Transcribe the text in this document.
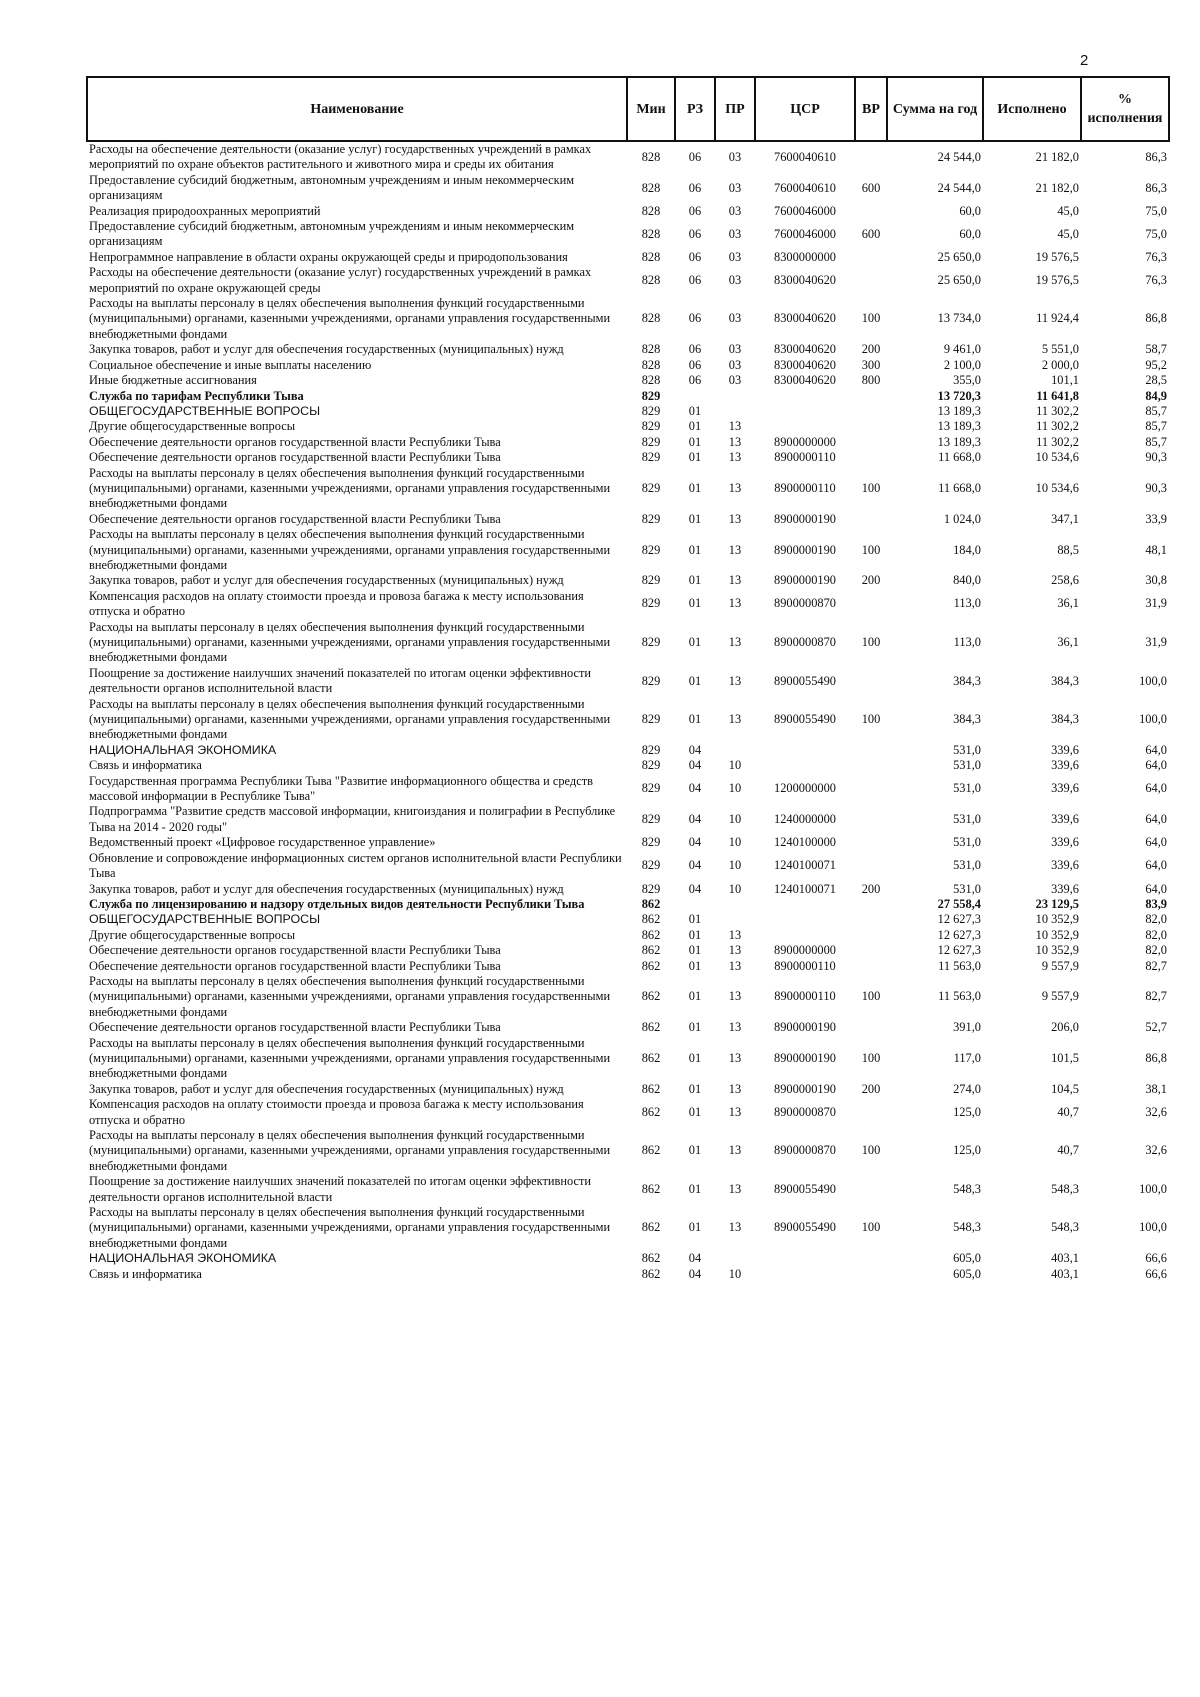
2
Наименование	Мин	РЗ	ПР	ЦСР	ВР	Сумма на год	Исполнено	% исполнения
Расходы на обеспечение деятельности (оказание услуг) государственных учреждений в рамках мероприятий по охране объектов растительного и животного мира и среды их обитания	828	06	03	7600040610		24 544,0	21 182,0	86,3
Предоставление субсидий бюджетным, автономным учреждениям и иным некоммерческим организациям	828	06	03	7600040610	600	24 544,0	21 182,0	86,3
Реализация природоохранных мероприятий	828	06	03	7600046000		60,0	45,0	75,0
Предоставление субсидий бюджетным, автономным учреждениям и иным некоммерческим организациям	828	06	03	7600046000	600	60,0	45,0	75,0
Непрограммное направление в области охраны окружающей среды и природопользования	828	06	03	8300000000		25 650,0	19 576,5	76,3
Расходы на обеспечение деятельности (оказание услуг) государственных учреждений в рамках мероприятий по охране окружающей среды	828	06	03	8300040620		25 650,0	19 576,5	76,3
Расходы на выплаты персоналу в целях обеспечения выполнения функций государственными (муниципальными) органами, казенными учреждениями, органами управления государственными внебюджетными фондами	828	06	03	8300040620	100	13 734,0	11 924,4	86,8
Закупка товаров, работ и услуг для обеспечения государственных (муниципальных) нужд	828	06	03	8300040620	200	9 461,0	5 551,0	58,7
Социальное обеспечение и иные выплаты населению	828	06	03	8300040620	300	2 100,0	2 000,0	95,2
Иные бюджетные ассигнования	828	06	03	8300040620	800	355,0	101,1	28,5
Служба по тарифам Республики Тыва	829					13 720,3	11 641,8	84,9
ОБЩЕГОСУДАРСТВЕННЫЕ ВОПРОСЫ	829	01				13 189,3	11 302,2	85,7
Другие общегосударственные вопросы	829	01	13			13 189,3	11 302,2	85,7
Обеспечение деятельности органов государственной власти Республики Тыва	829	01	13	8900000000		13 189,3	11 302,2	85,7
Обеспечение деятельности органов государственной власти Республики Тыва	829	01	13	8900000110		11 668,0	10 534,6	90,3
Расходы на выплаты персоналу в целях обеспечения выполнения функций государственными (муниципальными) органами, казенными учреждениями, органами управления государственными внебюджетными фондами	829	01	13	8900000110	100	11 668,0	10 534,6	90,3
Обеспечение деятельности органов государственной власти Республики Тыва	829	01	13	8900000190		1 024,0	347,1	33,9
Расходы на выплаты персоналу в целях обеспечения выполнения функций государственными (муниципальными) органами, казенными учреждениями, органами управления государственными внебюджетными фондами	829	01	13	8900000190	100	184,0	88,5	48,1
Закупка товаров, работ и услуг для обеспечения государственных (муниципальных) нужд	829	01	13	8900000190	200	840,0	258,6	30,8
Компенсация расходов на оплату стоимости проезда и провоза багажа к месту использования отпуска и обратно	829	01	13	8900000870		113,0	36,1	31,9
Расходы на выплаты персоналу в целях обеспечения выполнения функций государственными (муниципальными) органами, казенными учреждениями, органами управления государственными внебюджетными фондами	829	01	13	8900000870	100	113,0	36,1	31,9
Поощрение за достижение наилучших значений показателей по итогам оценки эффективности деятельности органов исполнительной власти	829	01	13	8900055490		384,3	384,3	100,0
Расходы на выплаты персоналу в целях обеспечения выполнения функций государственными (муниципальными) органами, казенными учреждениями, органами управления государственными внебюджетными фондами	829	01	13	8900055490	100	384,3	384,3	100,0
НАЦИОНАЛЬНАЯ ЭКОНОМИКА	829	04				531,0	339,6	64,0
Связь и информатика	829	04	10			531,0	339,6	64,0
Государственная программа Республики Тыва "Развитие информационного общества и средств массовой информации в Республике Тыва"	829	04	10	1200000000		531,0	339,6	64,0
Подпрограмма "Развитие средств массовой информации, книгоиздания и полиграфии в Республике Тыва на 2014 - 2020 годы"	829	04	10	1240000000		531,0	339,6	64,0
Ведомственный проект «Цифровое государственное управление»	829	04	10	1240100000		531,0	339,6	64,0
Обновление и сопровождение информационных систем органов исполнительной власти Республики Тыва	829	04	10	1240100071		531,0	339,6	64,0
Закупка товаров, работ и услуг для обеспечения государственных (муниципальных) нужд	829	04	10	1240100071	200	531,0	339,6	64,0
Служба по лицензированию и надзору отдельных видов деятельности Республики Тыва	862					27 558,4	23 129,5	83,9
ОБЩЕГОСУДАРСТВЕННЫЕ ВОПРОСЫ	862	01				12 627,3	10 352,9	82,0
Другие общегосударственные вопросы	862	01	13			12 627,3	10 352,9	82,0
Обеспечение деятельности органов государственной власти Республики Тыва	862	01	13	8900000000		12 627,3	10 352,9	82,0
Обеспечение деятельности органов государственной власти Республики Тыва	862	01	13	8900000110		11 563,0	9 557,9	82,7
Расходы на выплаты персоналу в целях обеспечения выполнения функций государственными (муниципальными) органами, казенными учреждениями, органами управления государственными внебюджетными фондами	862	01	13	8900000110	100	11 563,0	9 557,9	82,7
Обеспечение деятельности органов государственной власти Республики Тыва	862	01	13	8900000190		391,0	206,0	52,7
Расходы на выплаты персоналу в целях обеспечения выполнения функций государственными (муниципальными) органами, казенными учреждениями, органами управления государственными внебюджетными фондами	862	01	13	8900000190	100	117,0	101,5	86,8
Закупка товаров, работ и услуг для обеспечения государственных (муниципальных) нужд	862	01	13	8900000190	200	274,0	104,5	38,1
Компенсация расходов на оплату стоимости проезда и провоза багажа к месту использования отпуска и обратно	862	01	13	8900000870		125,0	40,7	32,6
Расходы на выплаты персоналу в целях обеспечения выполнения функций государственными (муниципальными) органами, казенными учреждениями, органами управления государственными внебюджетными фондами	862	01	13	8900000870	100	125,0	40,7	32,6
Поощрение за достижение наилучших значений показателей по итогам оценки эффективности деятельности органов исполнительной власти	862	01	13	8900055490		548,3	548,3	100,0
Расходы на выплаты персоналу в целях обеспечения выполнения функций государственными (муниципальными) органами, казенными учреждениями, органами управления государственными внебюджетными фондами	862	01	13	8900055490	100	548,3	548,3	100,0
НАЦИОНАЛЬНАЯ ЭКОНОМИКА	862	04				605,0	403,1	66,6
Связь и информатика	862	04	10			605,0	403,1	66,6
